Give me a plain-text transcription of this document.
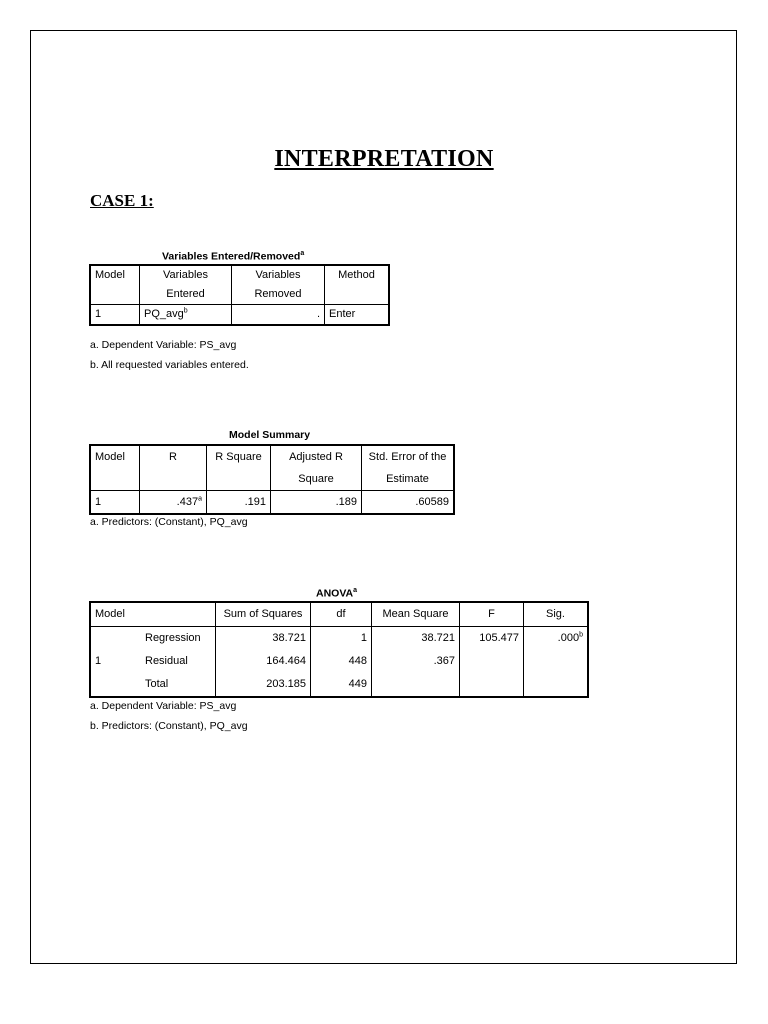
INTERPRETATION
CASE 1:
Variables Entered/Removed$^a$
Model	Variables	Variables	Method
	Entered	Removed	
1	PQ_avg$^b$	.	Enter
a. Dependent Variable: PS_avg
b. All requested variables entered.
Model Summary
Model	R	R Square	Adjusted R	Std. Error of the
			Square	Estimate
1	.437$^a$	.191	.189	.60589
a. Predictors: (Constant), PQ_avg
ANOVA$^a$
Model		Sum of Squares	df	Mean Square	F	Sig.
1	Regression	38.721	1	38.721	105.477	.000$^b$
	Residual	164.464	448	.367		
	Total	203.185	449			
a. Dependent Variable: PS_avg
b. Predictors: (Constant), PQ_avg
